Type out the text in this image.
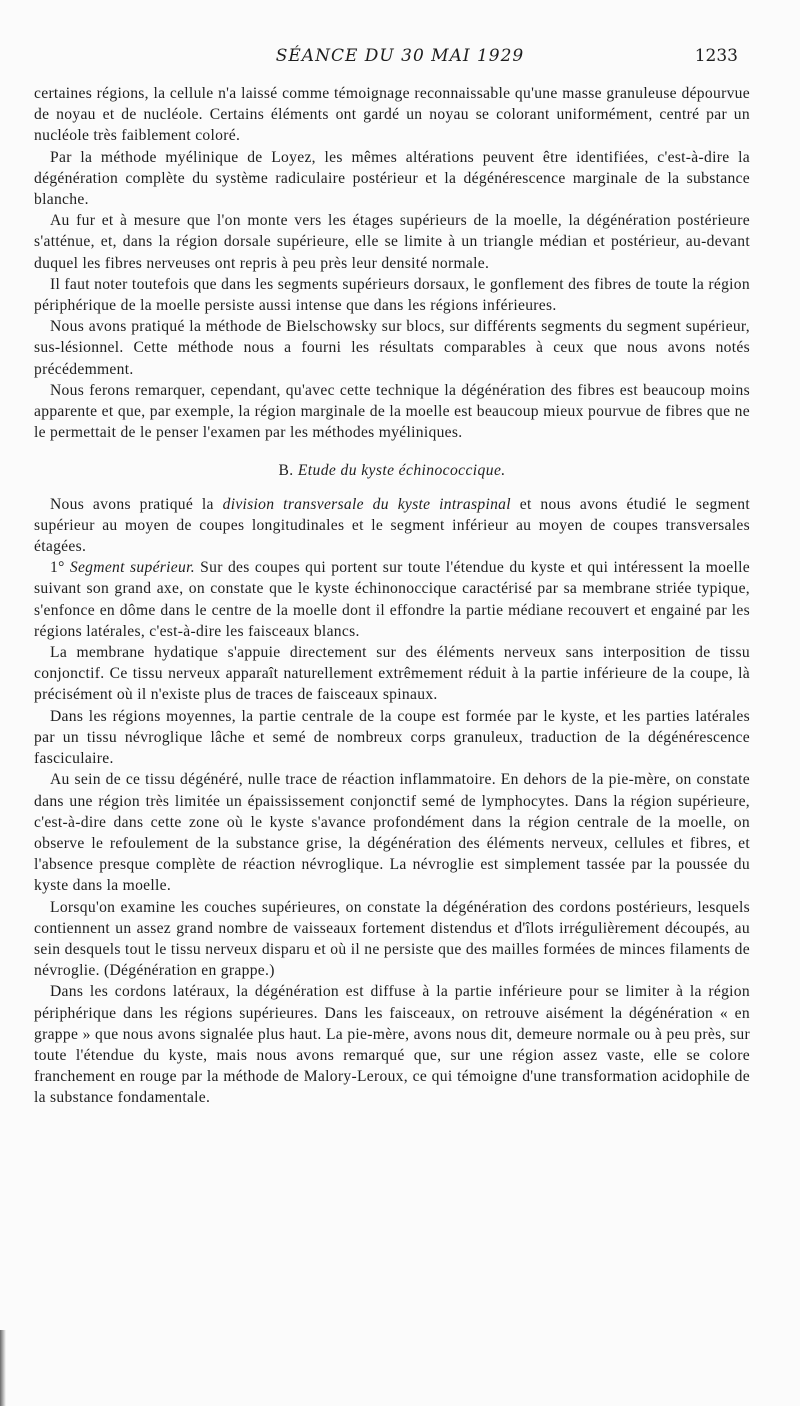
SÉANCE DU 30 MAI 1929	1233

certaines régions, la cellule n'a laissé comme témoignage reconnaissable qu'une masse granuleuse dépourvue de noyau et de nucléole. Certains éléments ont gardé un noyau se colorant uniformément, centré par un nucléole très faiblement coloré.

Par la méthode myélinique de Loyez, les mêmes altérations peuvent être identifiées, c'est-à-dire la dégénération complète du système radiculaire postérieur et la dégénérescence marginale de la substance blanche.

Au fur et à mesure que l'on monte vers les étages supérieurs de la moelle, la dégénération postérieure s'atténue, et, dans la région dorsale supérieure, elle se limite à un triangle médian et postérieur, au-devant duquel les fibres nerveuses ont repris à peu près leur densité normale.

Il faut noter toutefois que dans les segments supérieurs dorsaux, le gonflement des fibres de toute la région périphérique de la moelle persiste aussi intense que dans les régions inférieures.

Nous avons pratiqué la méthode de Bielschowsky sur blocs, sur différents segments du segment supérieur, sus-lésionnel. Cette méthode nous a fourni les résultats comparables à ceux que nous avons notés précédemment.

Nous ferons remarquer, cependant, qu'avec cette technique la dégénération des fibres est beaucoup moins apparente et que, par exemple, la région marginale de la moelle est beaucoup mieux pourvue de fibres que ne le permettait de le penser l'examen par les méthodes myéliniques.

B. Etude du kyste échinococcique.

Nous avons pratiqué la division transversale du kyste intraspinal et nous avons étudié le segment supérieur au moyen de coupes longitudinales et le segment inférieur au moyen de coupes transversales étagées.

1° Segment supérieur. Sur des coupes qui portent sur toute l'étendue du kyste et qui intéressent la moelle suivant son grand axe, on constate que le kyste échinonoccique caractérisé par sa membrane striée typique, s'enfonce en dôme dans le centre de la moelle dont il effondre la partie médiane recouvert et engainé par les régions latérales, c'est-à-dire les faisceaux blancs.

La membrane hydatique s'appuie directement sur des éléments nerveux sans interposition de tissu conjonctif. Ce tissu nerveux apparaît naturellement extrêmement réduit à la partie inférieure de la coupe, là précisément où il n'existe plus de traces de faisceaux spinaux.

Dans les régions moyennes, la partie centrale de la coupe est formée par le kyste, et les parties latérales par un tissu névroglique lâche et semé de nombreux corps granuleux, traduction de la dégénérescence fasciculaire.

Au sein de ce tissu dégénéré, nulle trace de réaction inflammatoire. En dehors de la pie-mère, on constate dans une région très limitée un épaississement conjonctif semé de lymphocytes. Dans la région supérieure, c'est-à-dire dans cette zone où le kyste s'avance profondément dans la région centrale de la moelle, on observe le refoulement de la substance grise, la dégénération des éléments nerveux, cellules et fibres, et l'absence presque complète de réaction névroglique. La névroglie est simplement tassée par la poussée du kyste dans la moelle.

Lorsqu'on examine les couches supérieures, on constate la dégénération des cordons postérieurs, lesquels contiennent un assez grand nombre de vaisseaux fortement distendus et d'îlots irrégulièrement découpés, au sein desquels tout le tissu nerveux disparu et où il ne persiste que des mailles formées de minces filaments de névroglie. (Dégénération en grappe.)

Dans les cordons latéraux, la dégénération est diffuse à la partie inférieure pour se limiter à la région périphérique dans les régions supérieures. Dans les faisceaux, on retrouve aisément la dégénération « en grappe » que nous avons signalée plus haut. La pie-mère, avons nous dit, demeure normale ou à peu près, sur toute l'étendue du kyste, mais nous avons remarqué que, sur une région assez vaste, elle se colore franchement en rouge par la méthode de Malory-Leroux, ce qui témoigne d'une transformation acidophile de la substance fondamentale.
